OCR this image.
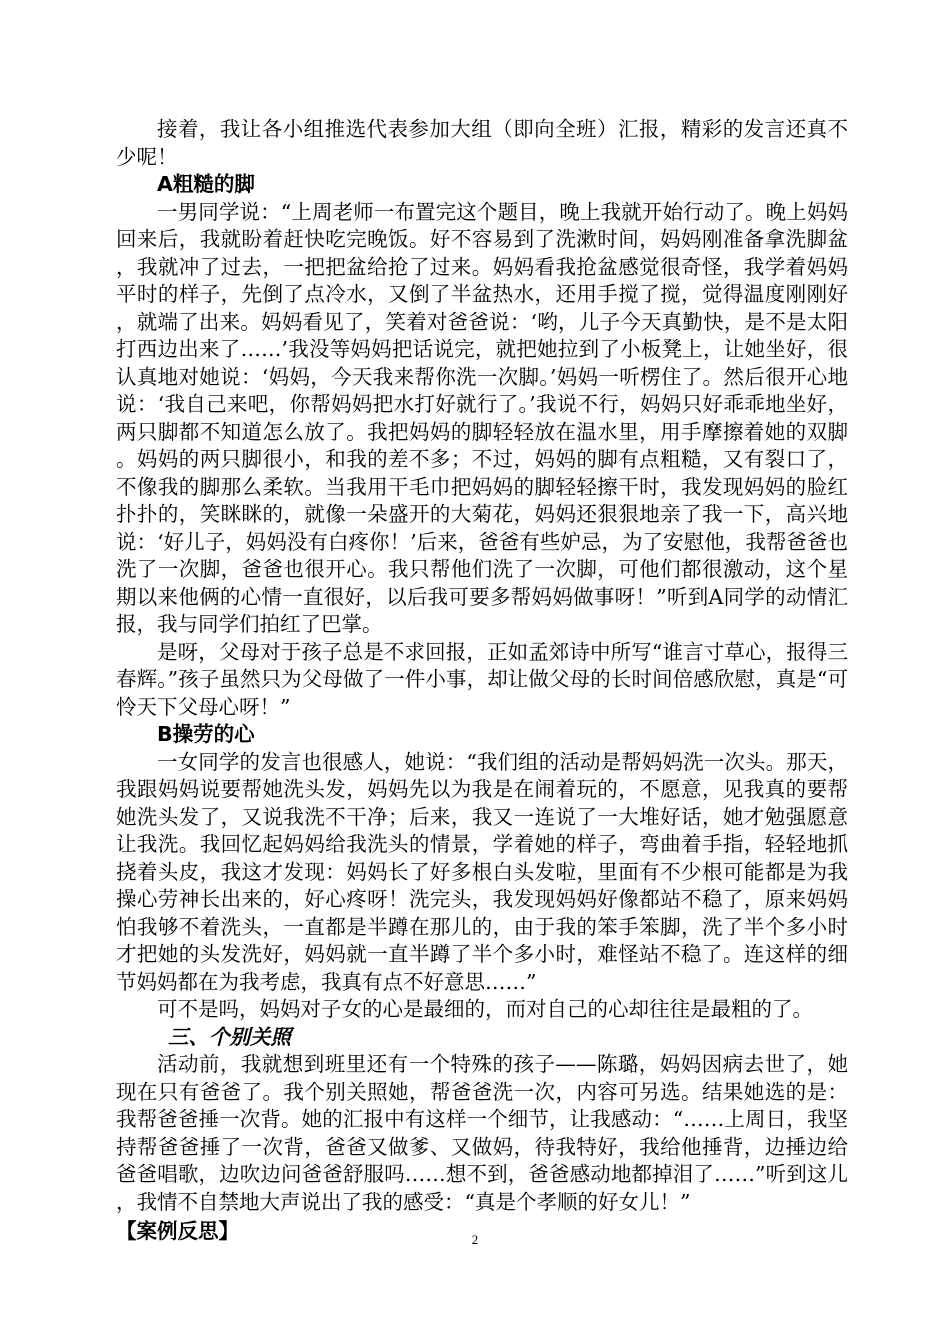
接着，我让各小组推选代表参加大组（即向全班）汇报，精彩的发言还真不少呢！

A粗糙的脚

一男同学说：“上周老师一布置完这个题目，晚上我就开始行动了。晚上妈妈回来后，我就盼着赶快吃完晚饭。好不容易到了洗漱时间，妈妈刚准备拿洗脚盆，我就冲了过去，一把把盆给抢了过来。妈妈看我抢盆感觉很奇怪，我学着妈妈平时的样子，先倒了点冷水，又倒了半盆热水，还用手搅了搅，觉得温度刚刚好，就端了出来。妈妈看见了，笑着对爸爸说：‘哟，儿子今天真勤快，是不是太阳打西边出来了……’我没等妈妈把话说完，就把她拉到了小板凳上，让她坐好，很认真地对她说：‘妈妈，今天我来帮你洗一次脚。’妈妈一听楞住了。然后很开心地说：‘我自己来吧，你帮妈妈把水打好就行了。’我说不行，妈妈只好乖乖地坐好，两只脚都不知道怎么放了。我把妈妈的脚轻轻放在温水里，用手摩擦着她的双脚。妈妈的两只脚很小，和我的差不多；不过，妈妈的脚有点粗糙，又有裂口了，不像我的脚那么柔软。当我用干毛巾把妈妈的脚轻轻擦干时，我发现妈妈的脸红扑扑的，笑眯眯的，就像一朵盛开的大菊花，妈妈还狠狠地亲了我一下，高兴地说：‘好儿子，妈妈没有白疼你！’后来，爸爸有些妒忌，为了安慰他，我帮爸爸也洗了一次脚，爸爸也很开心。我只帮他们洗了一次脚，可他们都很激动，这个星期以来他俩的心情一直很好，以后我可要多帮妈妈做事呀！”听到A同学的动情汇报，我与同学们拍红了巴掌。

是呀，父母对于孩子总是不求回报，正如孟郊诗中所写“谁言寸草心，报得三春辉。”孩子虽然只为父母做了一件小事，却让做父母的长时间倍感欣慰，真是“可怜天下父母心呀！”

B操劳的心

一女同学的发言也很感人，她说：“我们组的活动是帮妈妈洗一次头。那天，我跟妈妈说要帮她洗头发，妈妈先以为我是在闹着玩的，不愿意，见我真的要帮她洗头发了，又说我洗不干净；后来，我又一连说了一大堆好话，她才勉强愿意让我洗。我回忆起妈妈给我洗头的情景，学着她的样子，弯曲着手指，轻轻地抓挠着头皮，我这才发现：妈妈长了好多根白头发啦，里面有不少根可能都是为我操心劳神长出来的，好心疼呀！洗完头，我发现妈妈好像都站不稳了，原来妈妈怕我够不着洗头，一直都是半蹲在那儿的，由于我的笨手笨脚，洗了半个多小时才把她的头发洗好，妈妈就一直半蹲了半个多小时，难怪站不稳了。连这样的细节妈妈都在为我考虑，我真有点不好意思……”

可不是吗，妈妈对子女的心是最细的，而对自己的心却往往是最粗的了。

三、个别关照

活动前，我就想到班里还有一个特殊的孩子——陈璐，妈妈因病去世了，她现在只有爸爸了。我个别关照她，帮爸爸洗一次，内容可另选。结果她选的是：我帮爸爸捶一次背。她的汇报中有这样一个细节，让我感动：“……上周日，我坚持帮爸爸捶了一次背，爸爸又做爹、又做妈，待我特好，我给他捶背，边捶边给爸爸唱歌，边吹边问爸爸舒服吗……想不到，爸爸感动地都掉泪了……”听到这儿，我情不自禁地大声说出了我的感受：“真是个孝顺的好女儿！”

【案例反思】	2
